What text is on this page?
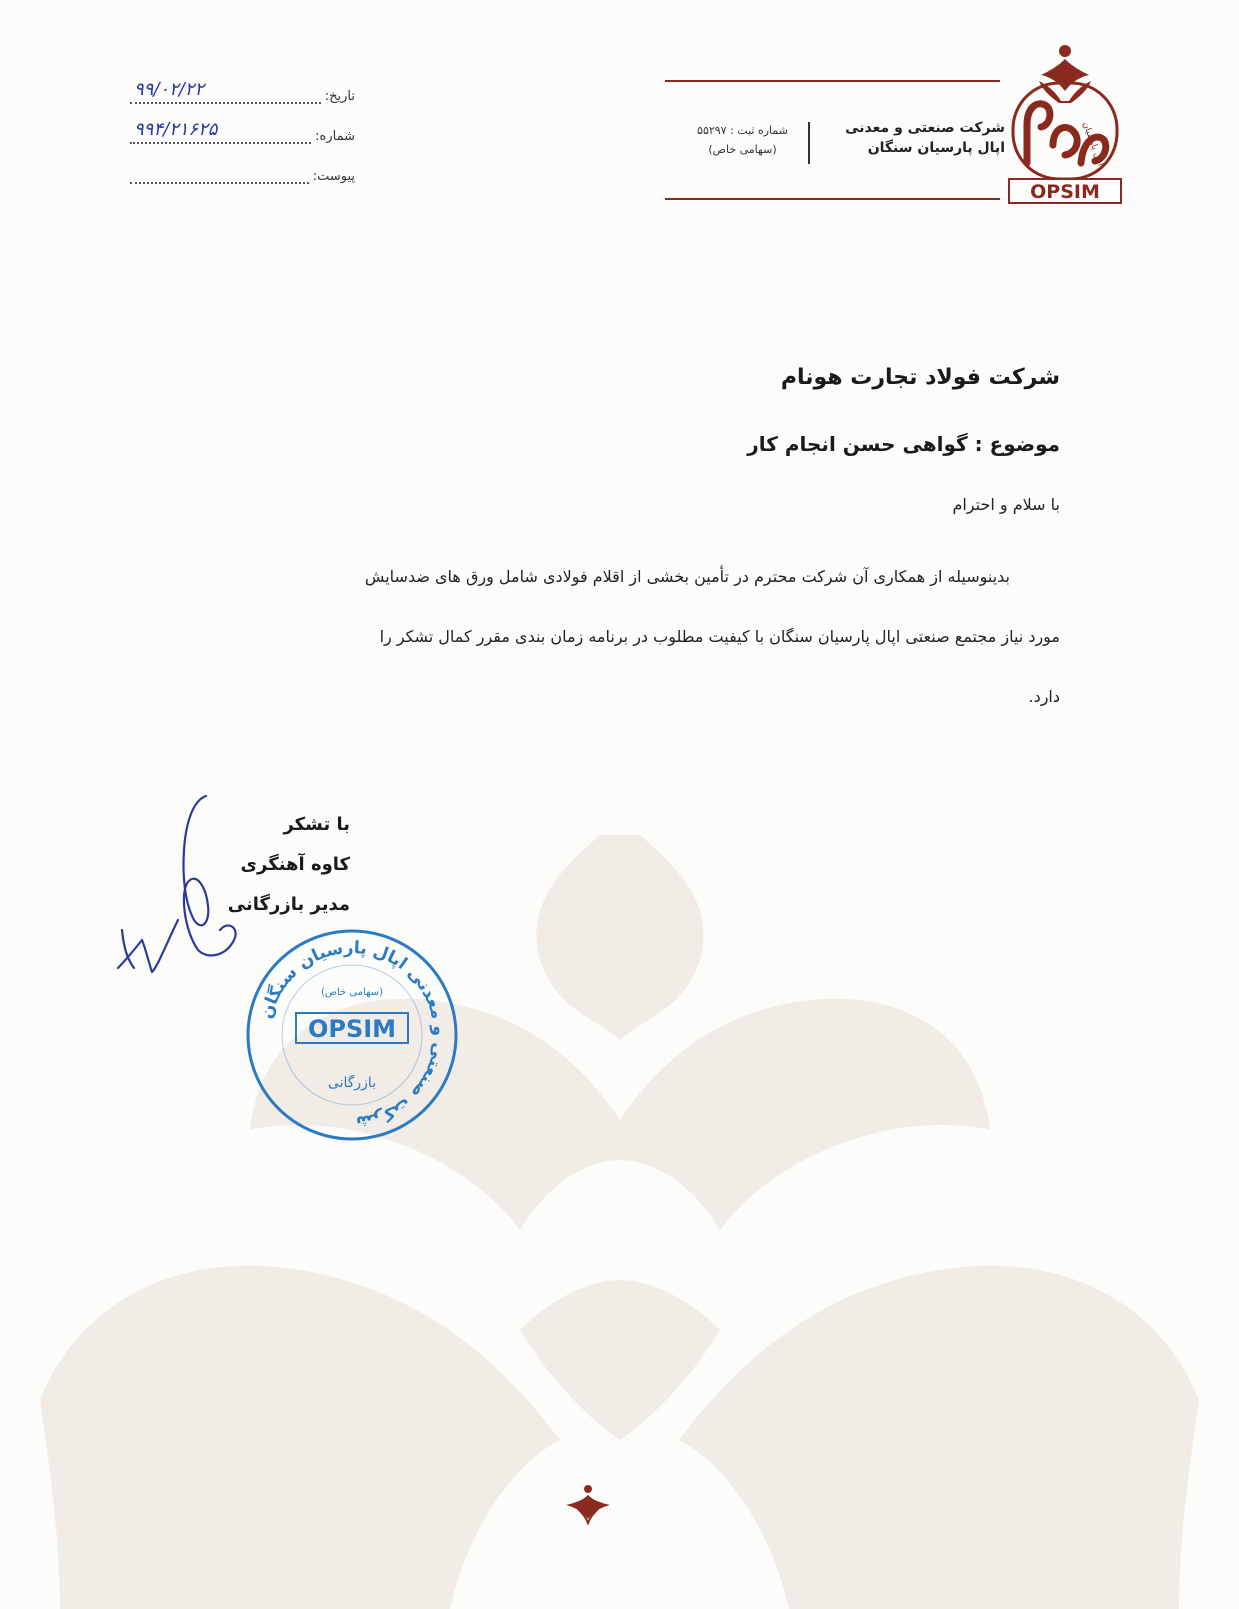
اپال پارسیان
OPSIM
شرکت صنعتی و معدنی
اپال پارسیان سنگان
شماره ثبت : ۵۵۲۹۷
(سهامی خاص)
تاریخ:
۹۹/۰۲/۲۲
شماره:
۹۹۴/۲۱۶۲۵
پیوست:
شرکت فولاد تجارت هونام
موضوع : گواهی حسن انجام کار
با سلام و احترام

بدینوسیله از همکاری آن شرکت محترم در تأمین بخشی از اقلام فولادی شامل ورق های ضدسایش

مورد نیاز مجتمع صنعتی اپال پارسیان سنگان با کیفیت مطلوب در برنامه زمان بندی مقرر کمال تشکر را

دارد.

با تشکر
کاوه آهنگری
مدیر بازرگانی
شرکت صنعتی و معدنی اپال پارسیان سنگان
(سهامی خاص)
OPSIM
بازرگانی
